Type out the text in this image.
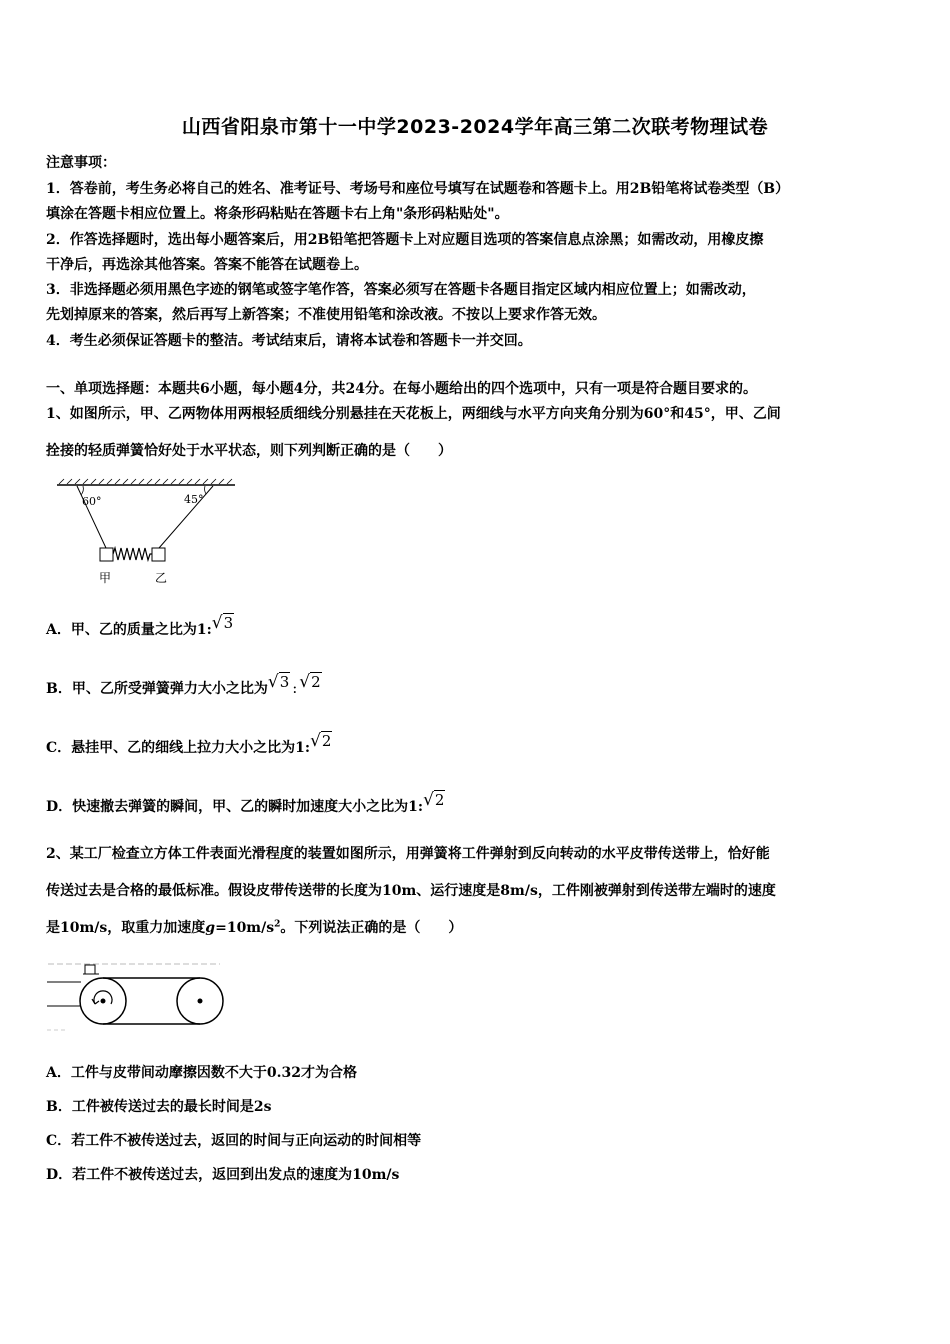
山西省阳泉市第十一中学2023-2024学年高三第二次联考物理试卷
注意事项：
1．答卷前，考生务必将自己的姓名、准考证号、考场号和座位号填写在试题卷和答题卡上。用2B铅笔将试卷类型（B）
填涂在答题卡相应位置上。将条形码粘贴在答题卡右上角"条形码粘贴处"。
2．作答选择题时，选出每小题答案后，用2B铅笔把答题卡上对应题目选项的答案信息点涂黑；如需改动，用橡皮擦
干净后，再选涂其他答案。答案不能答在试题卷上。
3．非选择题必须用黑色字迹的钢笔或签字笔作答，答案必须写在答题卡各题目指定区域内相应位置上；如需改动，
先划掉原来的答案，然后再写上新答案；不准使用铅笔和涂改液。不按以上要求作答无效。
4．考生必须保证答题卡的整洁。考试结束后，请将本试卷和答题卡一并交回。
一、单项选择题：本题共6小题，每小题4分，共24分。在每小题给出的四个选项中，只有一项是符合题目要求的。
1、如图所示，甲、乙两物体用两根轻质细线分别悬挂在天花板上，两细线与水平方向夹角分别为60°和45°，甲、乙间
拴接的轻质弹簧恰好处于水平状态，则下列判断正确的是（　　）
60°	45°
甲	乙
A．甲、乙的质量之比为1:√3
B．甲、乙所受弹簧弹力大小之比为√3 : √2
C．悬挂甲、乙的细线上拉力大小之比为1:√2
D．快速撤去弹簧的瞬间，甲、乙的瞬时加速度大小之比为1:√2
2、某工厂检查立方体工件表面光滑程度的装置如图所示，用弹簧将工件弹射到反向转动的水平皮带传送带上，恰好能
传送过去是合格的最低标准。假设皮带传送带的长度为10m、运行速度是8m/s，工件刚被弹射到传送带左端时的速度
是10m/s，取重力加速度$g=10m/s^2$。下列说法正确的是（　　）
A．工件与皮带间动摩擦因数不大于0.32才为合格
B．工件被传送过去的最长时间是2s
C．若工件不被传送过去，返回的时间与正向运动的时间相等
D．若工件不被传送过去，返回到出发点的速度为10m/s
